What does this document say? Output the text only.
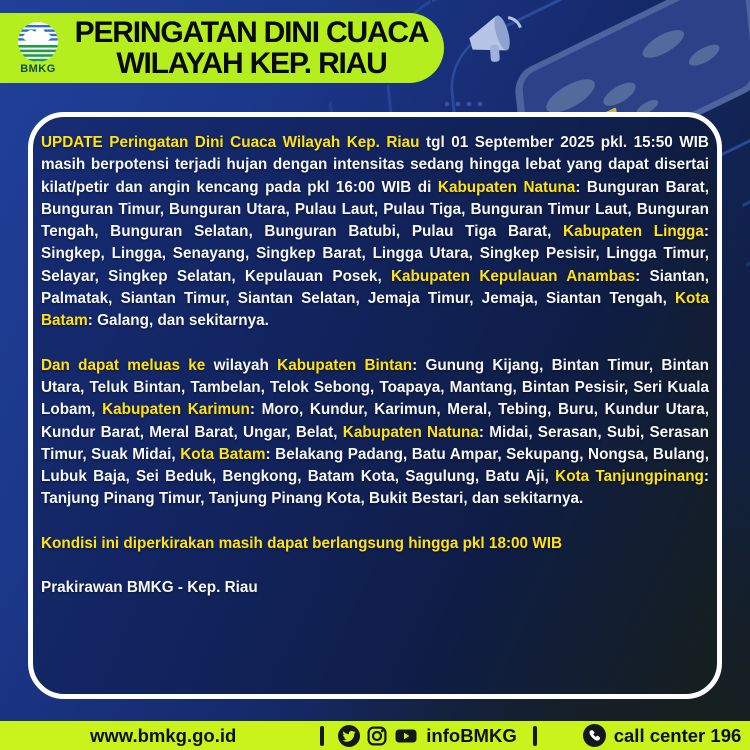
BMKG
PERINGATAN DINI CUACA
WILAYAH KEP. RIAU

UPDATE Peringatan Dini Cuaca Wilayah Kep. Riau tgl 01 September 2025 pkl. 15:50 WIB masih berpotensi terjadi hujan dengan intensitas sedang hingga lebat yang dapat disertai kilat/petir dan angin kencang pada pkl 16:00 WIB di Kabupaten Natuna: Bunguran Barat, Bunguran Timur, Bunguran Utara, Pulau Laut, Pulau Tiga, Bunguran Timur Laut, Bunguran Tengah, Bunguran Selatan, Bunguran Batubi, Pulau Tiga Barat, Kabupaten Lingga: Singkep, Lingga, Senayang, Singkep Barat, Lingga Utara, Singkep Pesisir, Lingga Timur, Selayar, Singkep Selatan, Kepulauan Posek, Kabupaten Kepulauan Anambas: Siantan, Palmatak, Siantan Timur, Siantan Selatan, Jemaja Timur, Jemaja, Siantan Tengah, Kota Batam: Galang, dan sekitarnya.

Dan dapat meluas ke wilayah Kabupaten Bintan: Gunung Kijang, Bintan Timur, Bintan Utara, Teluk Bintan, Tambelan, Telok Sebong, Toapaya, Mantang, Bintan Pesisir, Seri Kuala Lobam, Kabupaten Karimun: Moro, Kundur, Karimun, Meral, Tebing, Buru, Kundur Utara, Kundur Barat, Meral Barat, Ungar, Belat, Kabupaten Natuna: Midai, Serasan, Subi, Serasan Timur, Suak Midai, Kota Batam: Belakang Padang, Batu Ampar, Sekupang, Nongsa, Bulang, Lubuk Baja, Sei Beduk, Bengkong, Batam Kota, Sagulung, Batu Aji, Kota Tanjungpinang: Tanjung Pinang Timur, Tanjung Pinang Kota, Bukit Bestari, dan sekitarnya.

Kondisi ini diperkirakan masih dapat berlangsung hingga pkl 18:00 WIB

Prakirawan BMKG - Kep. Riau

www.bmkg.go.id	infoBMKG	call center 196
